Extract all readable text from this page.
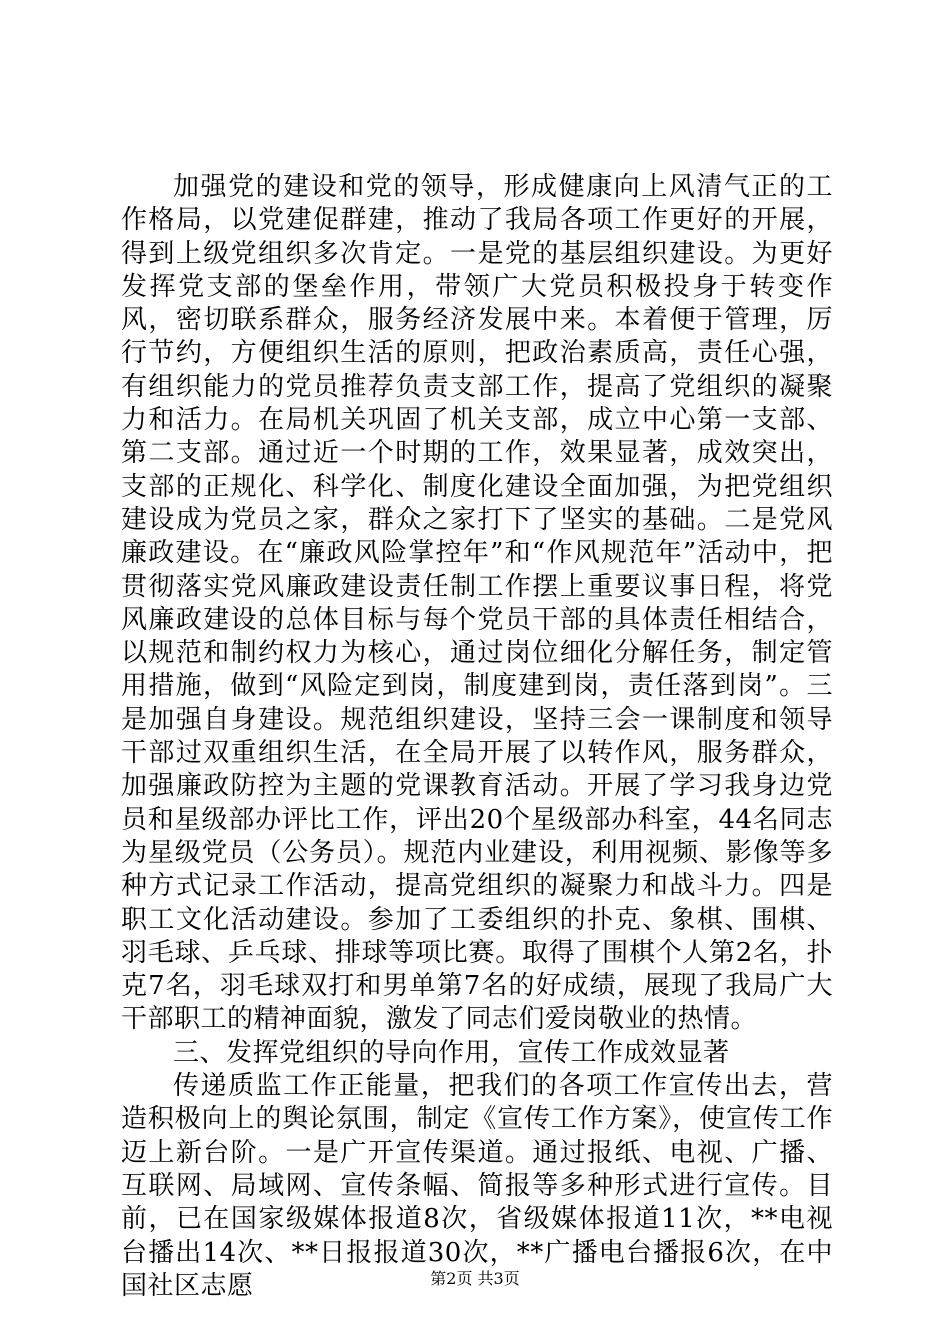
加强党的建设和党的领导，形成健康向上风清气正的工作格局，以党建促群建，推动了我局各项工作更好的开展，得到上级党组织多次肯定。一是党的基层组织建设。为更好发挥党支部的堡垒作用，带领广大党员积极投身于转变作风，密切联系群众，服务经济发展中来。本着便于管理，厉行节约，方便组织生活的原则，把政治素质高，责任心强，有组织能力的党员推荐负责支部工作，提高了党组织的凝聚力和活力。在局机关巩固了机关支部，成立中心第一支部、第二支部。通过近一个时期的工作，效果显著，成效突出，支部的正规化、科学化、制度化建设全面加强，为把党组织建设成为党员之家，群众之家打下了坚实的基础。二是党风廉政建设。在“廉政风险掌控年”和“作风规范年”活动中，把贯彻落实党风廉政建设责任制工作摆上重要议事日程，将党风廉政建设的总体目标与每个党员干部的具体责任相结合，以规范和制约权力为核心，通过岗位细化分解任务，制定管用措施，做到“风险定到岗，制度建到岗，责任落到岗”。三是加强自身建设。规范组织建设，坚持三会一课制度和领导干部过双重组织生活，在全局开展了以转作风，服务群众，加强廉政防控为主题的党课教育活动。开展了学习我身边党员和星级部办评比工作，评出20个星级部办科室，44名同志为星级党员（公务员）。规范内业建设，利用视频、影像等多种方式记录工作活动，提高党组织的凝聚力和战斗力。四是职工文化活动建设。参加了工委组织的扑克、象棋、围棋、羽毛球、乒乓球、排球等项比赛。取得了围棋个人第2名，扑克7名，羽毛球双打和男单第7名的好成绩，展现了我局广大干部职工的精神面貌，激发了同志们爱岗敬业的热情。

三、发挥党组织的导向作用，宣传工作成效显著

传递质监工作正能量，把我们的各项工作宣传出去，营造积极向上的舆论氛围，制定《宣传工作方案》，使宣传工作迈上新台阶。一是广开宣传渠道。通过报纸、电视、广播、互联网、局域网、宣传条幅、简报等多种形式进行宣传。目前，已在国家级媒体报道8次，省级媒体报道11次，**电视台播出14次、**日报报道30次，**广播电台播报6次，在中国社区志愿	第2页 共3页
